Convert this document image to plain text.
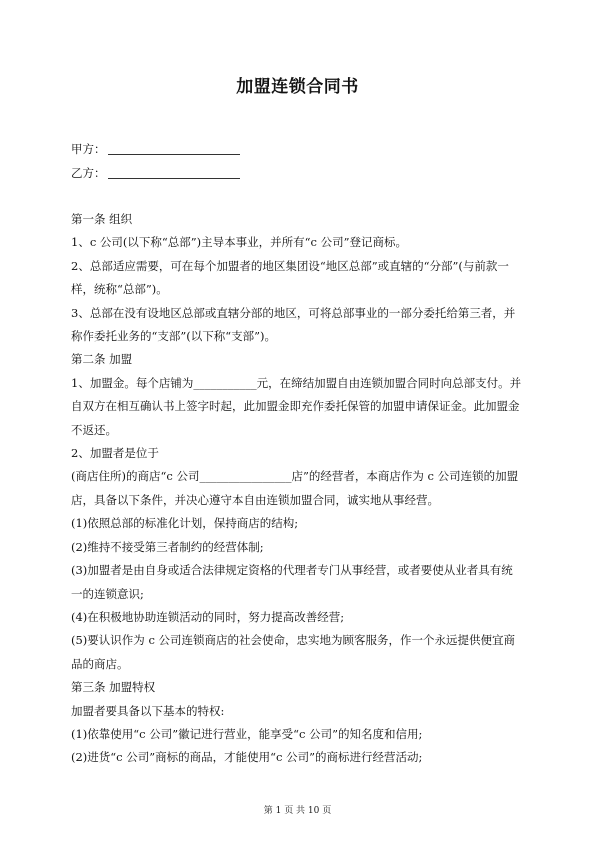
加盟连锁合同书
甲方：
乙方：

第一条 组织

1、c 公司(以下称“总部”)主导本事业，并所有“c 公司”登记商标。

2、总部适应需要，可在每个加盟者的地区集团设“地区总部”或直辖的“分部”(与前款一样，统称“总部”)。

3、总部在没有设地区总部或直辖分部的地区，可将总部事业的一部分委托给第三者，并称作委托业务的“支部”(以下称“支部”)。

第二条 加盟

1、加盟金。每个店铺为___________元，在缔结加盟自由连锁加盟合同时向总部支付。并自双方在相互确认书上签字时起，此加盟金即充作委托保管的加盟申请保证金。此加盟金不返还。

2、加盟者是位于

(商店住所)的商店“c 公司________________店”的经营者，本商店作为 c 公司连锁的加盟店，具备以下条件，并决心遵守本自由连锁加盟合同，诚实地从事经营。

(1)依照总部的标准化计划，保持商店的结构;

(2)维持不接受第三者制约的经营体制;

(3)加盟者是由自身或适合法律规定资格的代理者专门从事经营，或者要使从业者具有统一的连锁意识;

(4)在积极地协助连锁活动的同时，努力提高改善经营;

(5)要认识作为 c 公司连锁商店的社会使命，忠实地为顾客服务，作一个永远提供便宜商品的商店。

第三条 加盟特权

加盟者要具备以下基本的特权:

(1)依靠使用“c 公司”徽记进行营业，能享受“c 公司”的知名度和信用;

(2)进货“c 公司”商标的商品，才能使用“c 公司”的商标进行经营活动;

第 1 页 共 10 页
